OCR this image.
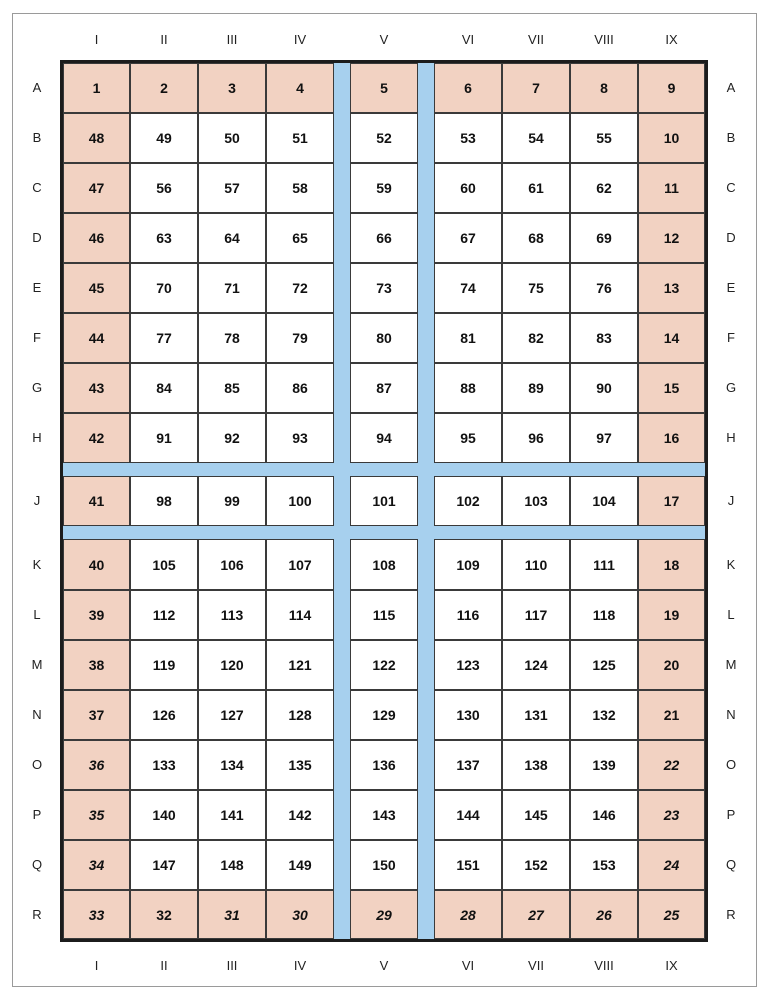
I	II	III	IV	V	VI	VII	VIII	IX
I	II	III	IV	V	VI	VII	VIII	IX
A
B
C
D
E
F
G
H
J
K
L
M
N
O
P
Q
R
A
B
C
D
E
F
G
H
J
K
L
M
N
O
P
Q
R
1	2	3	4	5	6	7	8	9
48	49	50	51	52	53	54	55	10
47	56	57	58	59	60	61	62	11
46	63	64	65	66	67	68	69	12
45	70	71	72	73	74	75	76	13
44	77	78	79	80	81	82	83	14
43	84	85	86	87	88	89	90	15
42	91	92	93	94	95	96	97	16
41	98	99	100	101	102	103	104	17
40	105	106	107	108	109	110	111	18
39	112	113	114	115	116	117	118	19
38	119	120	121	122	123	124	125	20
37	126	127	128	129	130	131	132	21
36	133	134	135	136	137	138	139	22
35	140	141	142	143	144	145	146	23
34	147	148	149	150	151	152	153	24
33	32	31	30	29	28	27	26	25
